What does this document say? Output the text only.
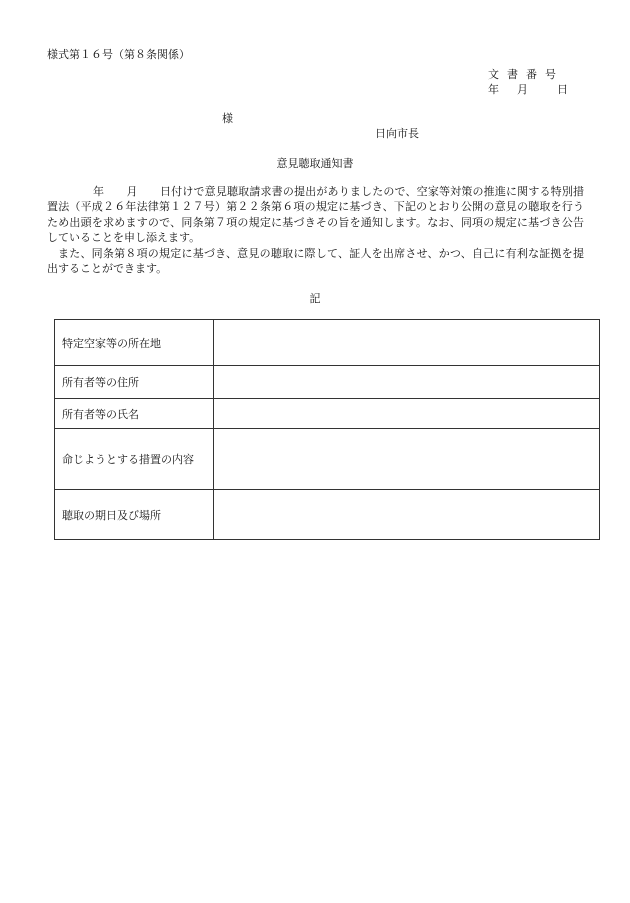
様式第１６号（第８条関係）
文書番号
年 月	日
様
日向市長
意見聴取通知書

年　　月　　日付けで意見聴取請求書の提出がありましたので、空家等対策の推進に関する特別措置法（平成２６年法律第１２７号）第２２条第６項の規定に基づき、下記のとおり公開の意見の聴取を行うため出頭を求めますので、同条第７項の規定に基づきその旨を通知します。なお、同項の規定に基づき公告していることを申し添えます。

また、同条第８項の規定に基づき、意見の聴取に際して、証人を出席させ、かつ、自己に有利な証拠を提出することができます。

記
特定空家等の所在地	
所有者等の住所	
所有者等の氏名	
命じようとする措置の内容	
聴取の期日及び場所	
